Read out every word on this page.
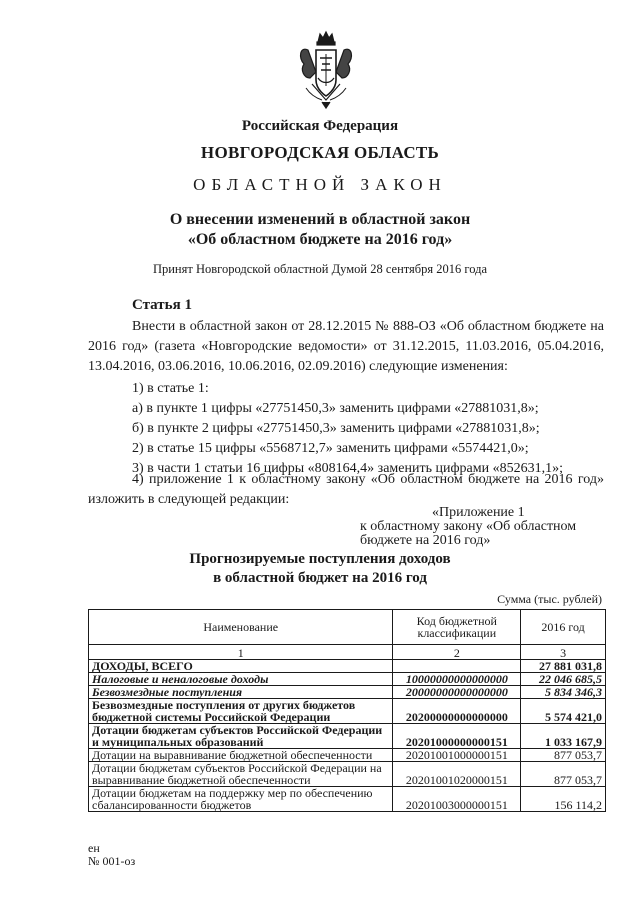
Российская Федерация
НОВГОРОДСКАЯ ОБЛАСТЬ
ОБЛАСТНОЙ ЗАКОН
О внесении изменений в областной закон
«Об областном бюджете на 2016 год»
Принят Новгородской областной Думой 28 сентября 2016 года
Статья 1
Внести в областной закон от 28.12.2015 № 888-ОЗ «Об областном бюджете на 2016 год» (газета «Новгородские ведомости» от 31.12.2015, 11.03.2016, 05.04.2016, 13.04.2016, 03.06.2016, 10.06.2016, 02.09.2016) следующие изменения:
1) в статье 1:
а) в пункте 1 цифры «27751450,3» заменить цифрами «27881031,8»;
б) в пункте 2 цифры «27751450,3» заменить цифрами «27881031,8»;
2) в статье 15 цифры «5568712,7» заменить цифрами «5574421,0»;
3) в части 1 статьи 16 цифры «808164,4» заменить цифрами «852631,1»;
4) приложение 1 к областному закону «Об областном бюджете на 2016 год» изложить в следующей редакции:
«Приложение 1
к областному закону «Об областном
бюджете на 2016 год»
Прогнозируемые поступления доходов
в областной бюджет на 2016 год
Сумма (тыс. рублей)
Наименование	Код бюджетной классификации	2016 год
1	2	3
ДОХОДЫ, ВСЕГО		27 881 031,8
Налоговые и неналоговые доходы	10000000000000000	22 046 685,5
Безвозмездные поступления	20000000000000000	5 834 346,3
Безвозмездные поступления от других бюджетов бюджетной системы Российской Федерации	20200000000000000	5 574 421,0
Дотации бюджетам субъектов Российской Федерации и муниципальных образований	20201000000000151	1 033 167,9
Дотации на выравнивание бюджетной обеспеченности	20201001000000151	877 053,7
Дотации бюджетам субъектов Российской Федерации на выравнивание бюджетной обеспеченности	20201001020000151	877 053,7
Дотации бюджетам на поддержку мер по обеспечению сбалансированности бюджетов	20201003000000151	156 114,2
ен
№ 001-оз
